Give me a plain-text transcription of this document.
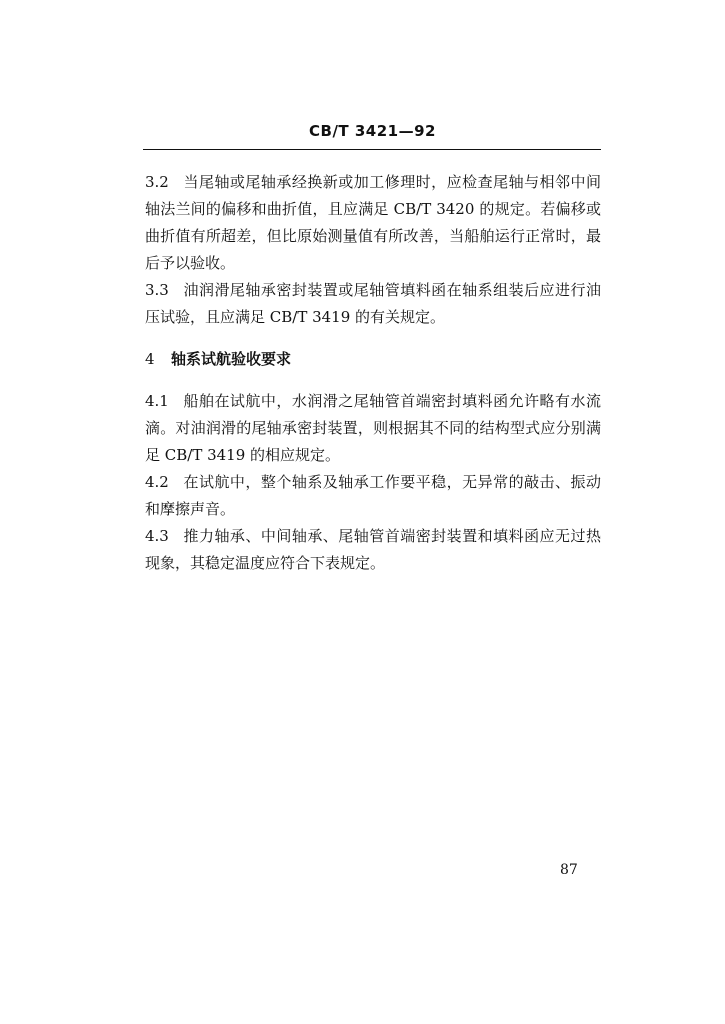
CB/T 3421—92

3.2 当尾轴或尾轴承经换新或加工修理时，应检查尾轴与相邻中间轴法兰间的偏移和曲折值，且应满足 CB/T 3420 的规定。若偏移或曲折值有所超差，但比原始测量值有所改善，当船舶运行正常时，最后予以验收。

3.3 油润滑尾轴承密封装置或尾轴管填料函在轴系组装后应进行油压试验，且应满足 CB/T 3419 的有关规定。

4 轴系试航验收要求

4.1 船舶在试航中，水润滑之尾轴管首端密封填料函允许略有水流滴。对油润滑的尾轴承密封装置，则根据其不同的结构型式应分别满足 CB/T 3419 的相应规定。

4.2 在试航中，整个轴系及轴承工作要平稳，无异常的敲击、振动和摩擦声音。

4.3 推力轴承、中间轴承、尾轴管首端密封装置和填料函应无过热现象，其稳定温度应符合下表规定。

87
